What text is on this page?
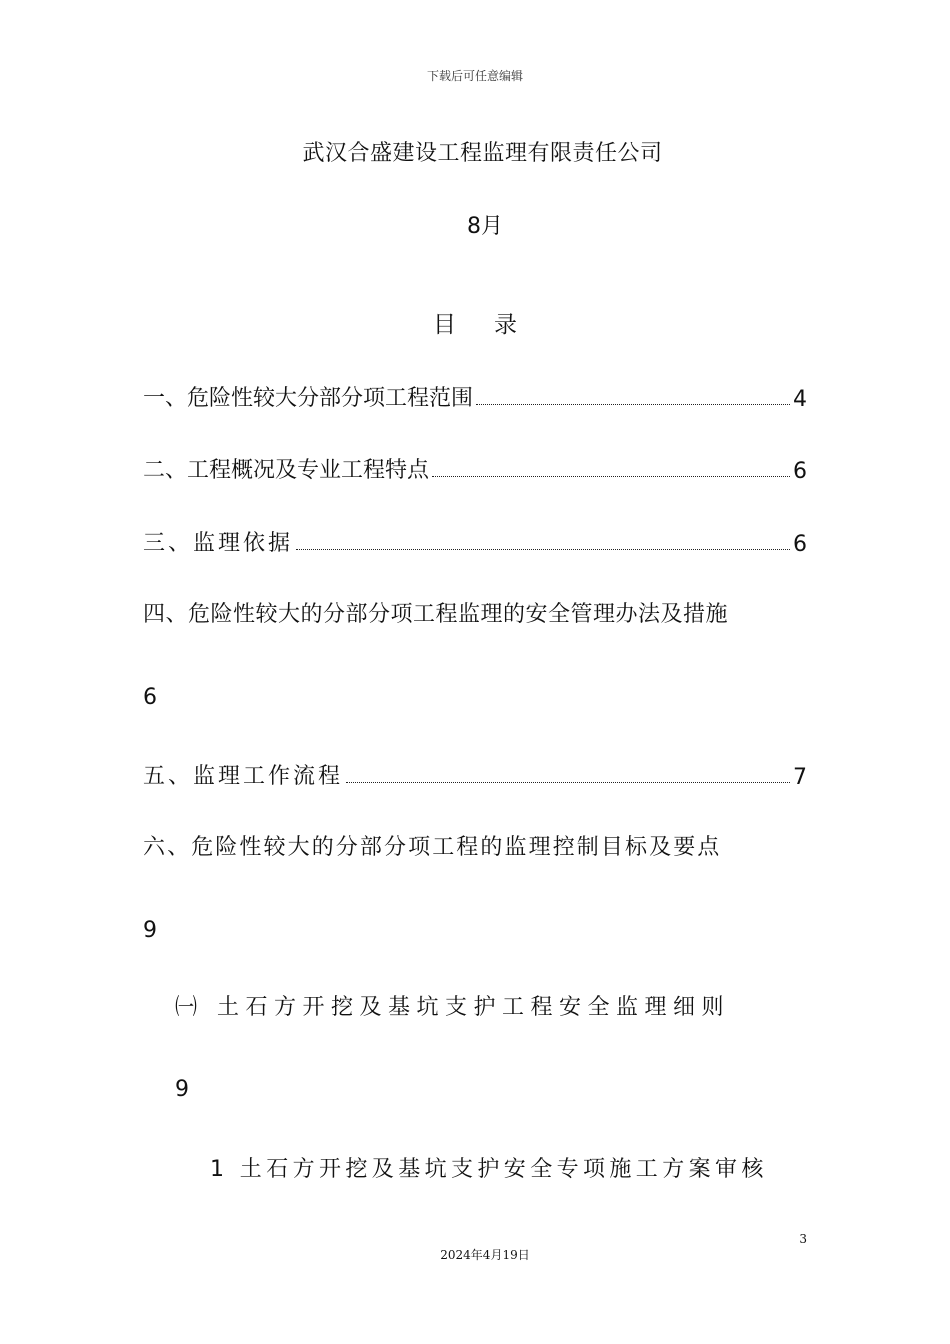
下载后可任意编辑
武汉合盛建设工程监理有限责任公司
8月
目录
一、危险性较大分部分项工程范围	4
二、工程概况及专业工程特点	6
三、监理依据	6
四、危险性较大的分部分项工程监理的安全管理办法及措施
6
五、监理工作流程	7
六、危险性较大的分部分项工程的监理控制目标及要点
9
㈠ 土石方开挖及基坑支护工程安全监理细则
9
1 土石方开挖及基坑支护安全专项施工方案审核
3
2024年4月19日
